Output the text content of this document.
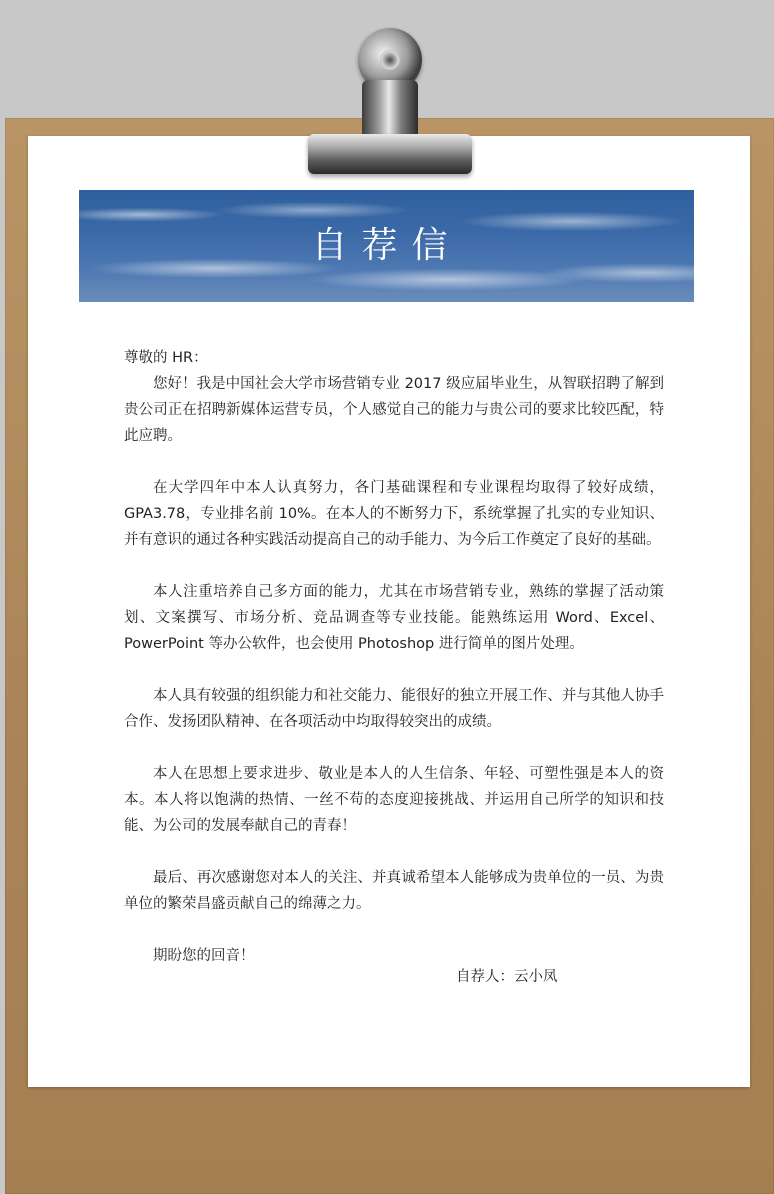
自荐信

尊敬的 HR：

您好！我是中国社会大学市场营销专业 2017 级应届毕业生，从智联招聘了解到贵公司正在招聘新媒体运营专员，个人感觉自己的能力与贵公司的要求比较匹配，特此应聘。

在大学四年中本人认真努力，各门基础课程和专业课程均取得了较好成绩，GPA3.78，专业排名前 10%。在本人的不断努力下，系统掌握了扎实的专业知识、并有意识的通过各种实践活动提高自己的动手能力、为今后工作奠定了良好的基础。

本人注重培养自己多方面的能力，尤其在市场营销专业，熟练的掌握了活动策划、文案撰写、市场分析、竞品调查等专业技能。能熟练运用 Word、Excel、PowerPoint 等办公软件，也会使用 Photoshop 进行简单的图片处理。

本人具有较强的组织能力和社交能力、能很好的独立开展工作、并与其他人协手合作、发扬团队精神、在各项活动中均取得较突出的成绩。

本人在思想上要求进步、敬业是本人的人生信条、年轻、可塑性强是本人的资本。本人将以饱满的热情、一丝不苟的态度迎接挑战、并运用自己所学的知识和技能、为公司的发展奉献自己的青春！

最后、再次感谢您对本人的关注、并真诚希望本人能够成为贵单位的一员、为贵单位的繁荣昌盛贡献自己的绵薄之力。

期盼您的回音！

自荐人：云小凤
